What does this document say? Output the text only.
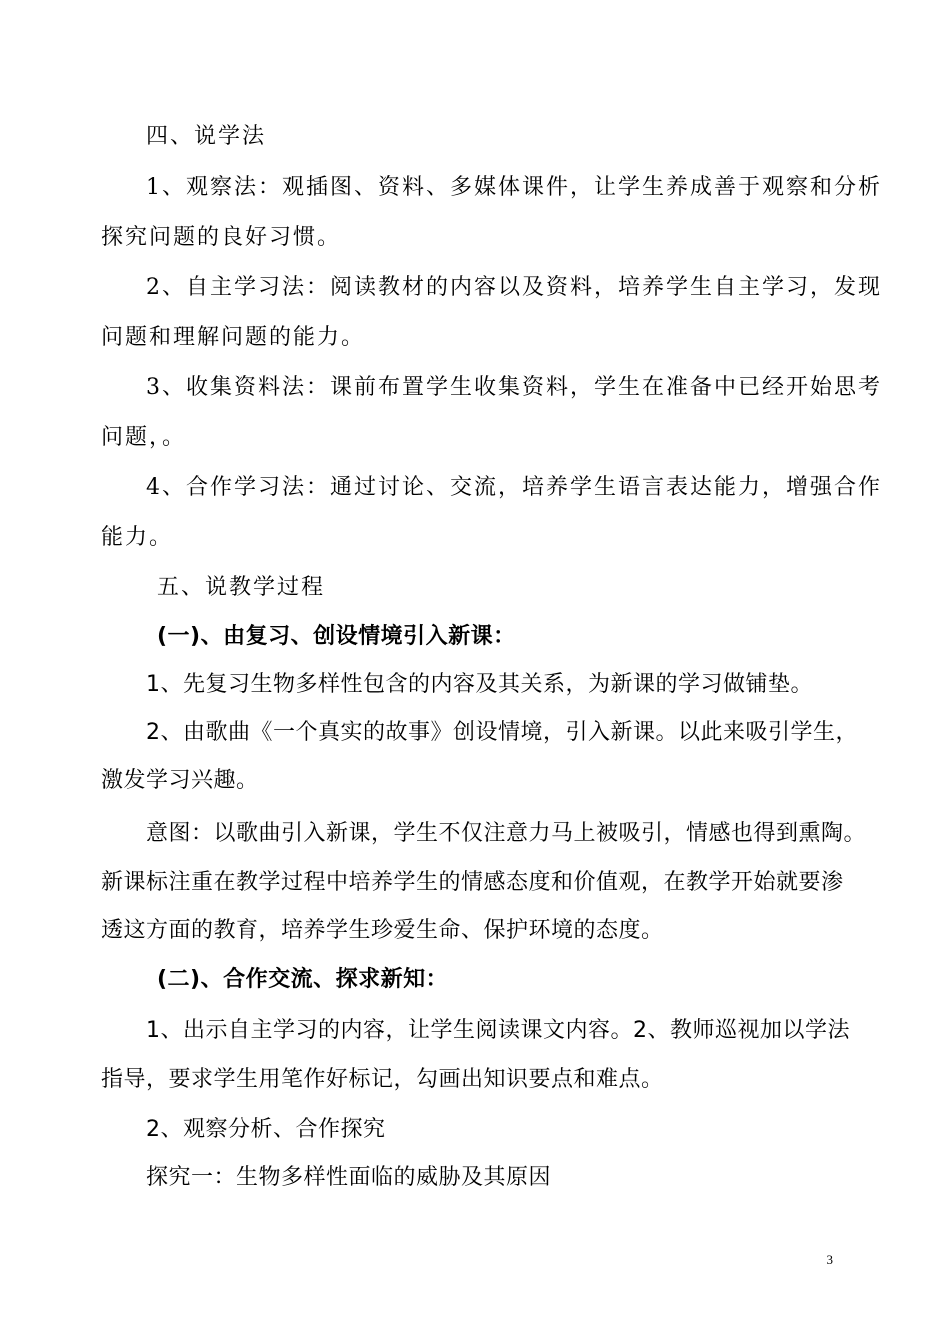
四、说学法
1、观察法：观插图、资料、多媒体课件，让学生养成善于观察和分析
探究问题的良好习惯。
2、自主学习法：阅读教材的内容以及资料，培养学生自主学习，发现
问题和理解问题的能力。
3、收集资料法：课前布置学生收集资料，学生在准备中已经开始思考
问题，。
4、合作学习法：通过讨论、交流，培养学生语言表达能力，增强合作
能力。
五、说教学过程
(一)、由复习、创设情境引入新课：
1、先复习生物多样性包含的内容及其关系，为新课的学习做铺垫。
2、由歌曲《一个真实的故事》创设情境，引入新课。以此来吸引学生，
激发学习兴趣。
意图：以歌曲引入新课，学生不仅注意力马上被吸引，情感也得到熏陶。
新课标注重在教学过程中培养学生的情感态度和价值观，在教学开始就要渗
透这方面的教育，培养学生珍爱生命、保护环境的态度。
(二)、合作交流、探求新知：
1、出示自主学习的内容，让学生阅读课文内容。2、教师巡视加以学法
指导，要求学生用笔作好标记，勾画出知识要点和难点。
2、观察分析、合作探究
探究一：生物多样性面临的威胁及其原因
3
